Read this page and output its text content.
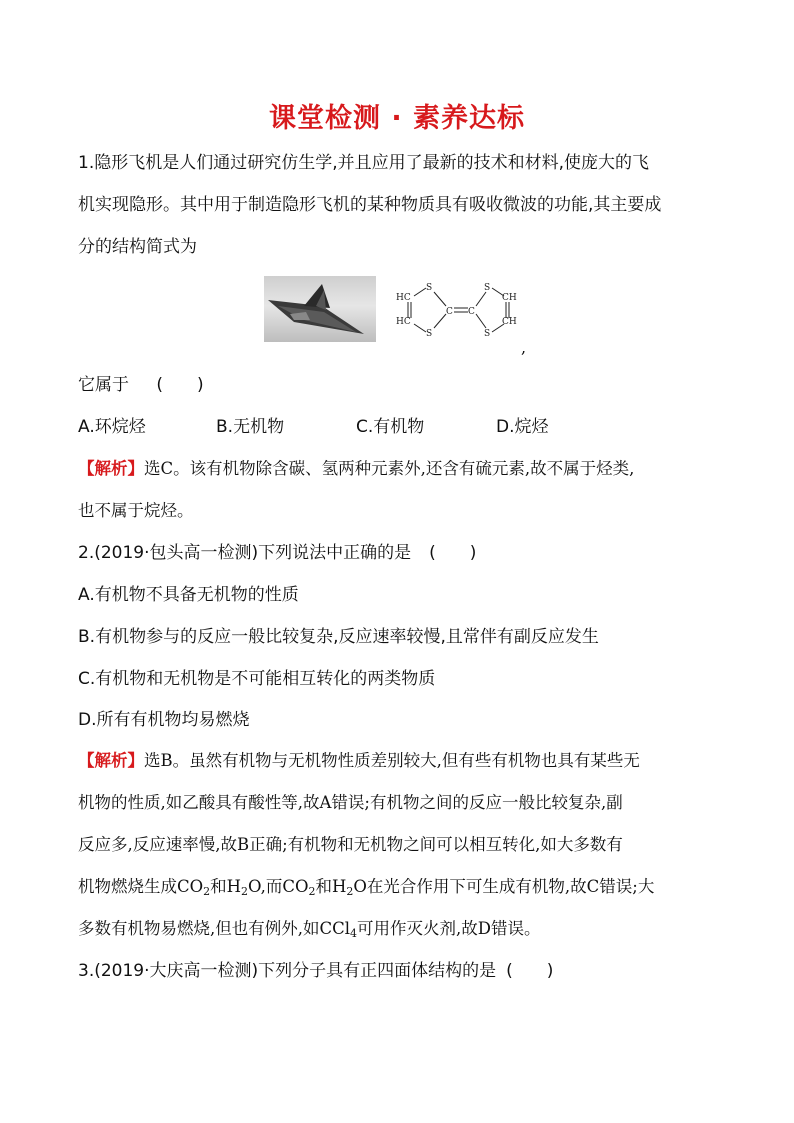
课堂检测 · 素养达标
1.隐形飞机是人们通过研究仿生学,并且应用了最新的技术和材料,使庞大的飞
机实现隐形。其中用于制造隐形飞机的某种物质具有吸收微波的功能,其主要成
分的结构简式为
HC
HC
S
S
C C
S
S
CH
CH
,
它属于 (　　)
A.环烷烃	B.无机物	C.有机物	D.烷烃
【解析】选C。该有机物除含碳、氢两种元素外,还含有硫元素,故不属于烃类,
也不属于烷烃。
2.(2019·包头高一检测)下列说法中正确的是 (　　)
A.有机物不具备无机物的性质
B.有机物参与的反应一般比较复杂,反应速率较慢,且常伴有副反应发生
C.有机物和无机物是不可能相互转化的两类物质
D.所有有机物均易燃烧
【解析】选B。虽然有机物与无机物性质差别较大,但有些有机物也具有某些无
机物的性质,如乙酸具有酸性等,故A错误;有机物之间的反应一般比较复杂,副
反应多,反应速率慢,故B正确;有机物和无机物之间可以相互转化,如大多数有
机物燃烧生成$CO_2$和$H_2O$,而$CO_2$和$H_2O$在光合作用下可生成有机物,故C错误;大
多数有机物易燃烧,但也有例外,如CCl$_4$可用作灭火剂,故D错误。
3.(2019·大庆高一检测)下列分子具有正四面体结构的是 (　　)
